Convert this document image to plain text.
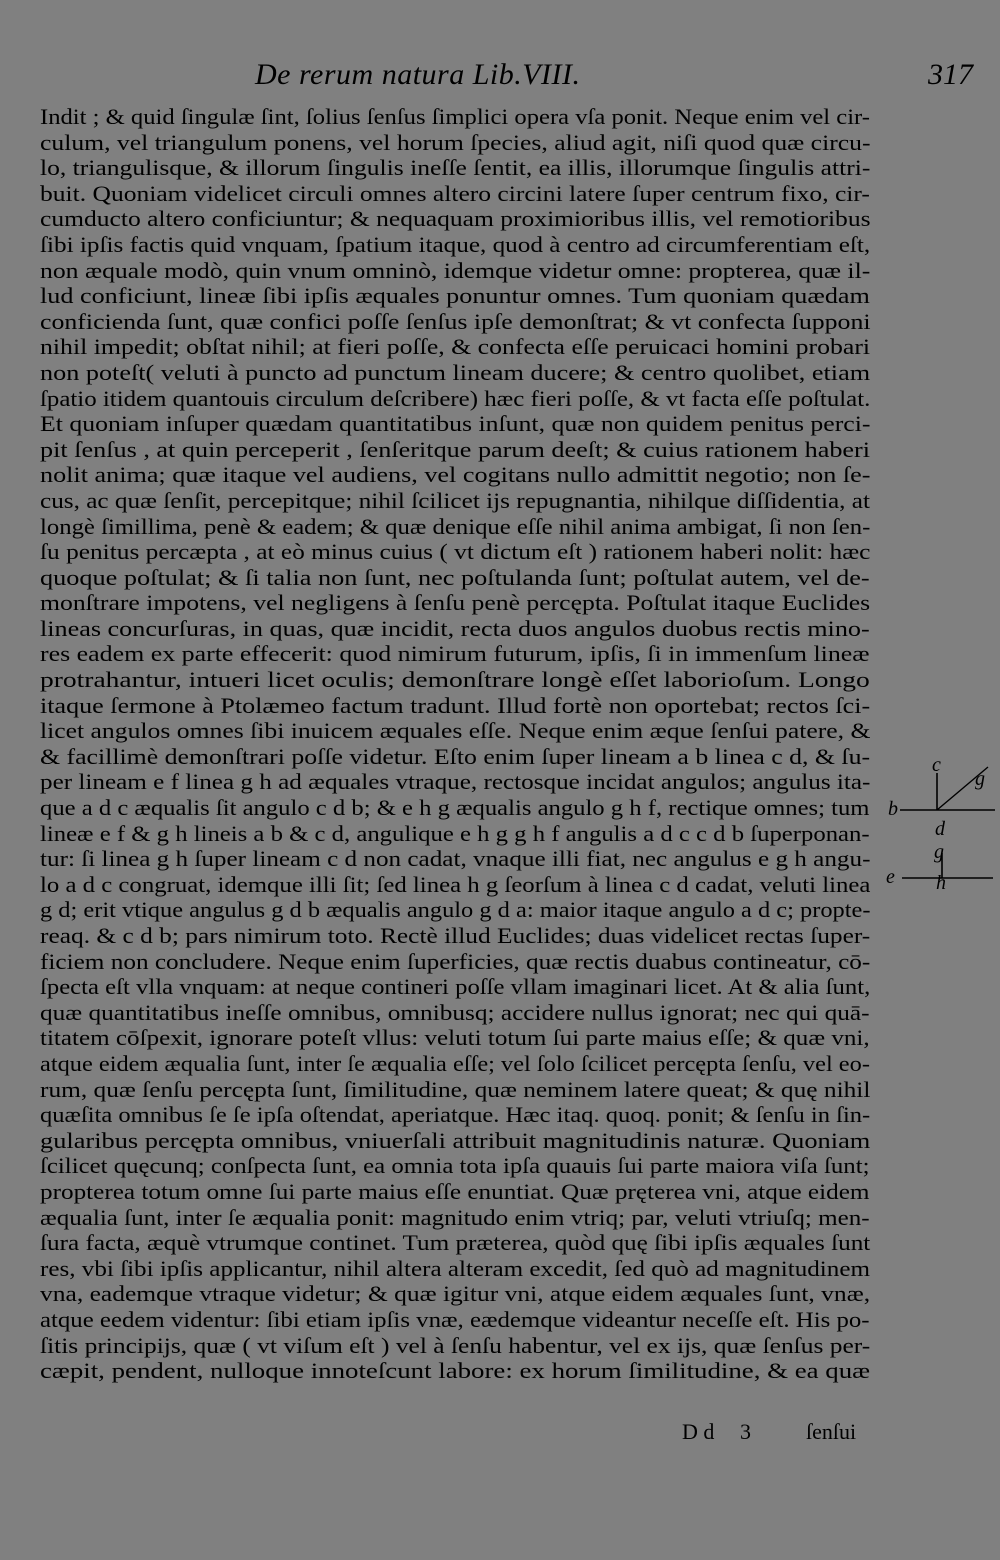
De rerum natura Lib.VIII.	317
Indit ; & quid ſingulæ ſint, ſolius ſenſus ſimplici opera vſa ponit. Neque enim vel cir-
culum, vel triangulum ponens, vel horum ſpecies, aliud agit, niſi quod quæ circu-
lo, triangulisque, & illorum ſingulis ineſſe ſentit, ea illis, illorumque ſingulis attri-
buit. Quoniam videlicet circuli omnes altero circini latere ſuper centrum fixo, cir-
cumducto altero conficiuntur; & nequaquam proximioribus illis, vel remotioribus
ſibi ipſis factis quid vnquam, ſpatium itaque, quod à centro ad circumferentiam eſt,
non æquale modò, quin vnum omninò, idemque videtur omne: propterea, quæ il-
lud conficiunt, lineæ ſibi ipſis æquales ponuntur omnes. Tum quoniam quædam
conficienda ſunt, quæ confici poſſe ſenſus ipſe demonſtrat; & vt confecta ſupponi
nihil impedit; obſtat nihil; at fieri poſſe, & confecta eſſe peruicaci homini probari
non poteſt( veluti à puncto ad punctum lineam ducere; & centro quolibet, etiam
ſpatio itidem quantouis circulum deſcribere) hæc fieri poſſe, & vt facta eſſe poſtulat.
Et quoniam inſuper quædam quantitatibus inſunt, quæ non quidem penitus perci-
pit ſenſus , at quin perceperit , ſenſeritque parum deeſt; & cuius rationem haberi
nolit anima; quæ itaque vel audiens, vel cogitans nullo admittit negotio; non ſe-
cus, ac quæ ſenſit, percepitque; nihil ſcilicet ijs repugnantia, nihilque diſſidentia, at
longè ſimillima, penè & eadem; & quæ denique eſſe nihil anima ambigat, ſi non ſen-
ſu penitus percæpta , at eò minus cuius ( vt dictum eſt ) rationem haberi nolit: hæc
quoque poſtulat; & ſi talia non ſunt, nec poſtulanda ſunt; poſtulat autem, vel de-
monſtrare impotens, vel negligens à ſenſu penè percępta. Poſtulat itaque Euclides
lineas concurſuras, in quas, quæ incidit, recta duos angulos duobus rectis mino-
res eadem ex parte effecerit: quod nimirum futurum, ipſis, ſi in immenſum lineæ
protrahantur, intueri licet oculis; demonſtrare longè eſſet laborioſum. Longo
itaque ſermone à Ptolæmeo factum tradunt. Illud fortè non oportebat; rectos ſci-
licet angulos omnes ſibi inuicem æquales eſſe. Neque enim æque ſenſui patere, &
& facillimè demonſtrari poſſe videtur. Eſto enim ſuper lineam a b linea c d, & ſu-
per lineam e f linea g h ad æquales vtraque, rectosque incidat angulos; angulus ita-
que a d c æqualis ſit angulo c d b; & e h g æqualis angulo g h f, rectique omnes; tum
lineæ e f & g h lineis a b & c d, angulique e h g g h f angulis a d c c d b ſuperponan-
tur: ſi linea g h ſuper lineam c d non cadat, vnaque illi fiat, nec angulus e g h angu-
lo a d c congruat, idemque illi ſit; ſed linea h g ſeorſum à linea c d cadat, veluti linea
g d; erit vtique angulus g d b æqualis angulo g d a: maior itaque angulo a d c; propte-
reaq. & c d b; pars nimirum toto. Rectè illud Euclides; duas videlicet rectas ſuper-
ficiem non concludere. Neque enim ſuperficies, quæ rectis duabus contineatur, cō-
ſpecta eſt vlla vnquam: at neque contineri poſſe vllam imaginari licet. At & alia ſunt,
quæ quantitatibus ineſſe omnibus, omnibusq; accidere nullus ignorat; nec qui quā-
titatem cōſpexit, ignorare poteſt vllus: veluti totum ſui parte maius eſſe; & quæ vni,
atque eidem æqualia ſunt, inter ſe æqualia eſſe; vel ſolo ſcilicet percępta ſenſu, vel eo-
rum, quæ ſenſu percępta ſunt, ſimilitudine, quæ neminem latere queat; & quę nihil
quæſita omnibus ſe ſe ipſa oſtendat, aperiatque. Hæc itaq. quoq. ponit; & ſenſu in ſin-
gularibus percępta omnibus, vniuerſali attribuit magnitudinis naturæ. Quoniam
ſcilicet quęcunq; conſpecta ſunt, ea omnia tota ipſa quauis ſui parte maiora viſa ſunt;
propterea totum omne ſui parte maius eſſe enuntiat. Quæ pręterea vni, atque eidem
æqualia ſunt, inter ſe æqualia ponit: magnitudo enim vtriq; par, veluti vtriuſq; men-
ſura facta, æquè vtrumque continet. Tum præterea, quòd quę ſibi ipſis æquales ſunt
res, vbi ſibi ipſis applicantur, nihil altera alteram excedit, ſed quò ad magnitudinem
vna, eademque vtraque videtur; & quæ igitur vni, atque eidem æquales ſunt, vnæ,
atque eedem videntur: ſibi etiam ipſis vnæ, eædemque videantur neceſſe eſt. His po-
ſitis principijs, quæ ( vt viſum eſt ) vel à ſenſu habentur, vel ex ijs, quæ ſenſus per-
cæpit, pendent, nulloque innoteſcunt labore: ex horum ſimilitudine, & ea quæ
c
g
b
d
g
e h
D d 3	ſenſui
